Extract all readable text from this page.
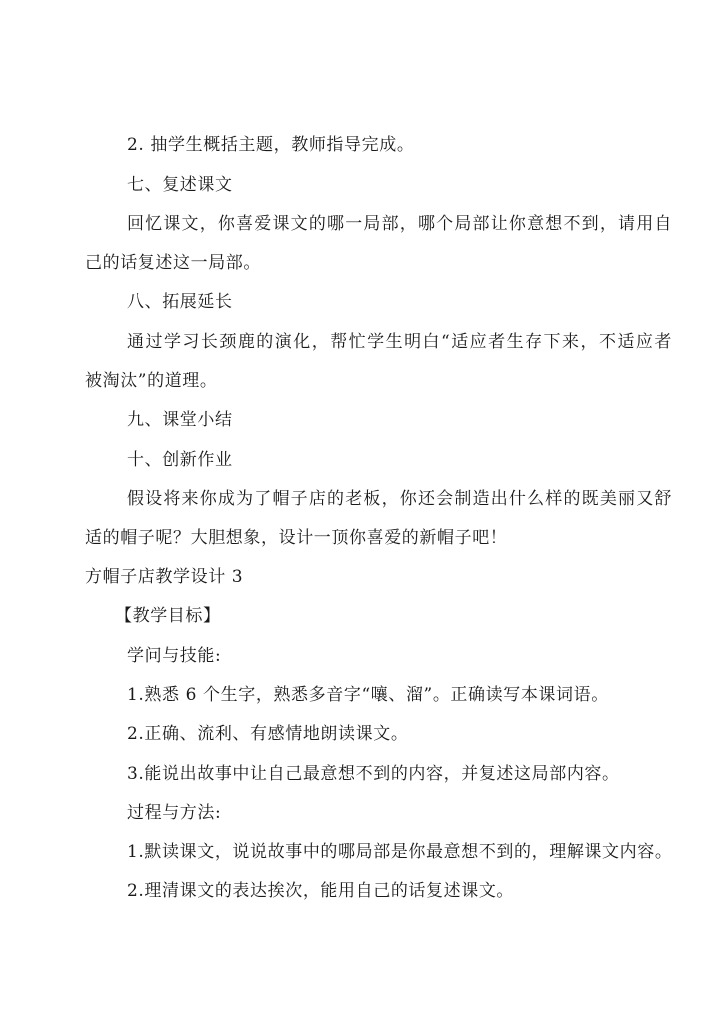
2. 抽学生概括主题，教师指导完成。
七、复述课文
回忆课文，你喜爱课文的哪一局部，哪个局部让你意想不到，请用自
己的话复述这一局部。
八、拓展延长
通过学习长颈鹿的演化，帮忙学生明白“适应者生存下来，不适应者
被淘汰”的道理。
九、课堂小结
十、创新作业
假设将来你成为了帽子店的老板，你还会制造出什么样的既美丽又舒
适的帽子呢？大胆想象，设计一顶你喜爱的新帽子吧！
方帽子店教学设计 3
【教学目标】
学问与技能:
1.熟悉 6 个生字，熟悉多音字“嚷、溜”。正确读写本课词语。
2.正确、流利、有感情地朗读课文。
3.能说出故事中让自己最意想不到的内容，并复述这局部内容。
过程与方法:
1.默读课文，说说故事中的哪局部是你最意想不到的，理解课文内容。
2.理清课文的表达挨次，能用自己的话复述课文。
